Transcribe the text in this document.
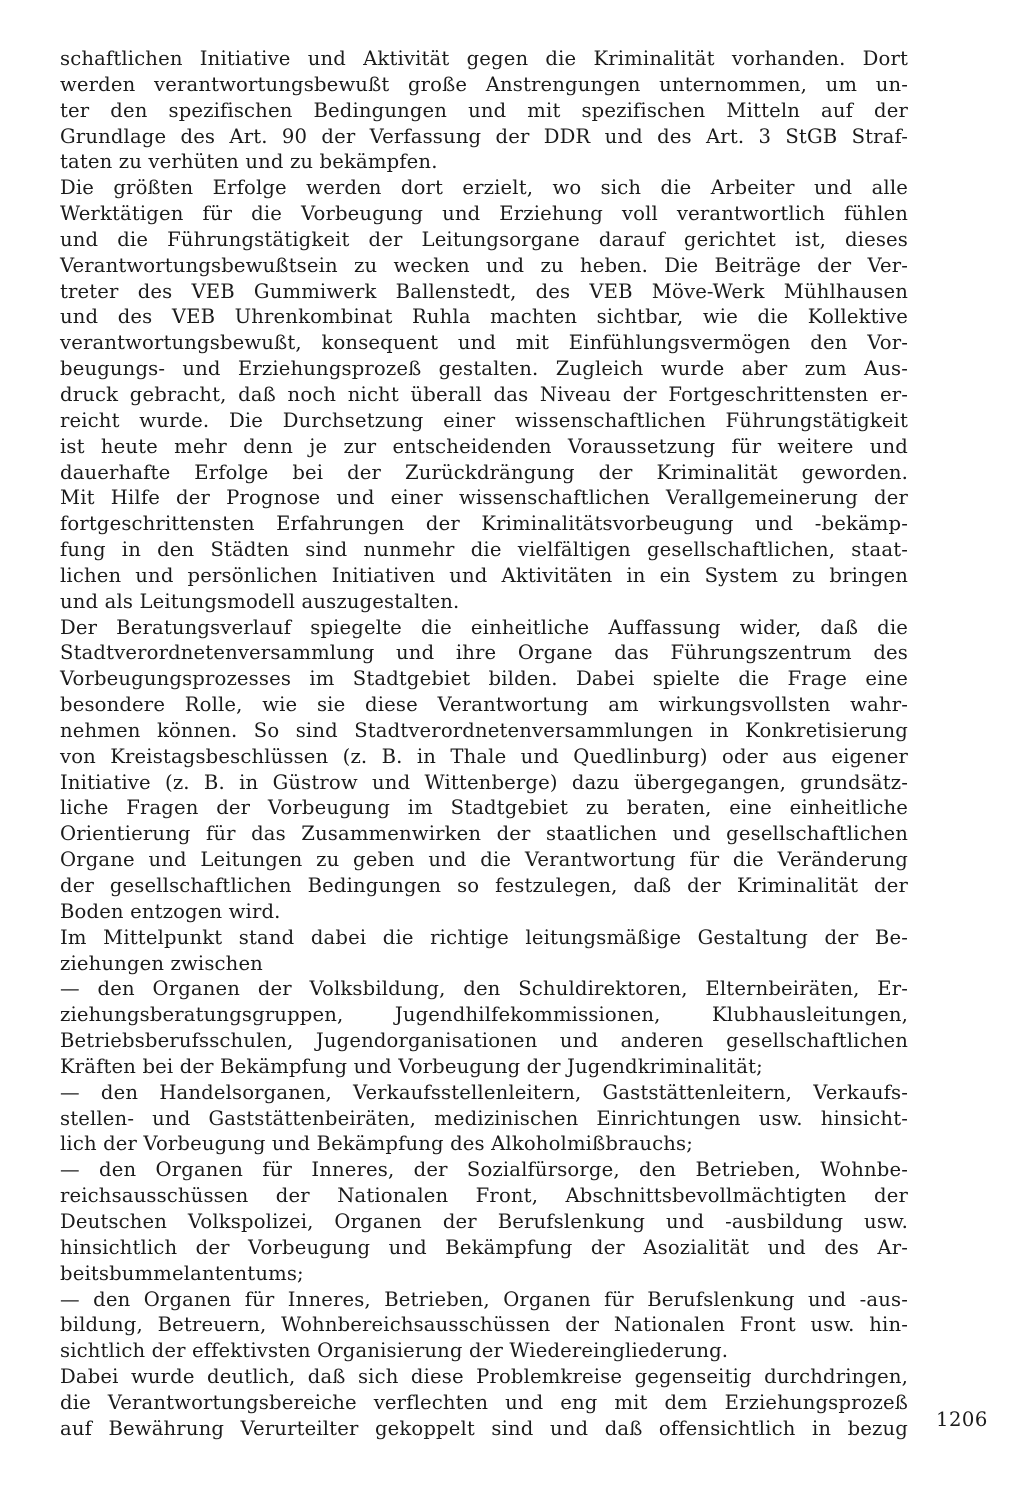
schaftlichen Initiative und Aktivität gegen die Kriminalität vorhanden. Dort
werden verantwortungsbewußt große Anstrengungen unternommen, um un-
ter den spezifischen Bedingungen und mit spezifischen Mitteln auf der
Grundlage des Art. 90 der Verfassung der DDR und des Art. 3 StGB Straf-
taten zu verhüten und zu bekämpfen.
Die größten Erfolge werden dort erzielt, wo sich die Arbeiter und alle
Werktätigen für die Vorbeugung und Erziehung voll verantwortlich fühlen
und die Führungstätigkeit der Leitungsorgane darauf gerichtet ist, dieses
Verantwortungsbewußtsein zu wecken und zu heben. Die Beiträge der Ver-
treter des VEB Gummiwerk Ballenstedt, des VEB Möve-Werk Mühlhausen
und des VEB Uhrenkombinat Ruhla machten sichtbar, wie die Kollektive
verantwortungsbewußt, konsequent und mit Einfühlungsvermögen den Vor-
beugungs- und Erziehungsprozeß gestalten. Zugleich wurde aber zum Aus-
druck gebracht, daß noch nicht überall das Niveau der Fortgeschrittensten er-
reicht wurde. Die Durchsetzung einer wissenschaftlichen Führungstätigkeit
ist heute mehr denn je zur entscheidenden Voraussetzung für weitere und
dauerhafte Erfolge bei der Zurückdrängung der Kriminalität geworden.
Mit Hilfe der Prognose und einer wissenschaftlichen Verallgemeinerung der
fortgeschrittensten Erfahrungen der Kriminalitätsvorbeugung und -bekämp-
fung in den Städten sind nunmehr die vielfältigen gesellschaftlichen, staat-
lichen und persönlichen Initiativen und Aktivitäten in ein System zu bringen
und als Leitungsmodell auszugestalten.
Der Beratungsverlauf spiegelte die einheitliche Auffassung wider, daß die
Stadtverordnetenversammlung und ihre Organe das Führungszentrum des
Vorbeugungsprozesses im Stadtgebiet bilden. Dabei spielte die Frage eine
besondere Rolle, wie sie diese Verantwortung am wirkungsvollsten wahr-
nehmen können. So sind Stadtverordnetenversammlungen in Konkretisierung
von Kreistagsbeschlüssen (z. B. in Thale und Quedlinburg) oder aus eigener
Initiative (z. B. in Güstrow und Wittenberge) dazu übergegangen, grundsätz-
liche Fragen der Vorbeugung im Stadtgebiet zu beraten, eine einheitliche
Orientierung für das Zusammenwirken der staatlichen und gesellschaftlichen
Organe und Leitungen zu geben und die Verantwortung für die Veränderung
der gesellschaftlichen Bedingungen so festzulegen, daß der Kriminalität der
Boden entzogen wird.
Im Mittelpunkt stand dabei die richtige leitungsmäßige Gestaltung der Be-
ziehungen zwischen
— den Organen der Volksbildung, den Schuldirektoren, Elternbeiräten, Er-
ziehungsberatungsgruppen, Jugendhilfekommissionen, Klubhausleitungen,
Betriebsberufsschulen, Jugendorganisationen und anderen gesellschaftlichen
Kräften bei der Bekämpfung und Vorbeugung der Jugendkriminalität;
— den Handelsorganen, Verkaufsstellenleitern, Gaststättenleitern, Verkaufs-
stellen- und Gaststättenbeiräten, medizinischen Einrichtungen usw. hinsicht-
lich der Vorbeugung und Bekämpfung des Alkoholmißbrauchs;
— den Organen für Inneres, der Sozialfürsorge, den Betrieben, Wohnbe-
reichsausschüssen der Nationalen Front, Abschnittsbevollmächtigten der
Deutschen Volkspolizei, Organen der Berufslenkung und -ausbildung usw.
hinsichtlich der Vorbeugung und Bekämpfung der Asozialität und des Ar-
beitsbummelantentums;
— den Organen für Inneres, Betrieben, Organen für Berufslenkung und -aus-
bildung, Betreuern, Wohnbereichsausschüssen der Nationalen Front usw. hin-
sichtlich der effektivsten Organisierung der Wiedereingliederung.
Dabei wurde deutlich, daß sich diese Problemkreise gegenseitig durchdringen,
die Verantwortungsbereiche verflechten und eng mit dem Erziehungsprozeß
auf Bewährung Verurteilter gekoppelt sind und daß offensichtlich in bezug 1206
